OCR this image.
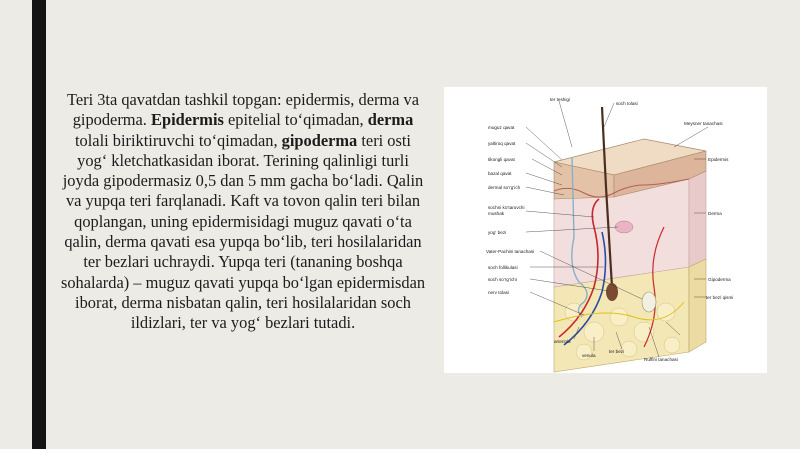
Teri 3ta qavatdan tashkil topgan: epidermis, derma va gipoderma. Epidermis epitelial to‘qimadan, derma tolali biriktiruvchi to‘qimadan, gipoderma teri osti yog‘ kletchatkasidan iborat. Terining qalinligi turli joyda gipodermasiz 0,5 dan 5 mm gacha bo‘ladi. Qalin va yupqa teri farqlanadi. Kaft va tovon qalin teri bilan qoplangan, uning epidermisidagi muguz qavati o‘ta qalin, derma qavati esa yupqa bo‘lib, teri hosilalaridan ter bezlari uchraydi. Yupqa teri (tananing boshqa sohalarda) – muguz qavati yupqa bo‘lgan epidermisdan iborat, derma nisbatan qalin, teri hosilalaridan soch ildizlari, ter va yog‘ bezlari tutadi.
ter teshigi
soch tolasi
muguz qavat
yaltiroq qavat
tikongli qavat
bazal qavat
dermal so‘rg‘ich
sochni ko‘taruvchi
mushak
yog‘ bezi
Vater-Pachini tanachasi
soch follikulasi
soch so‘rg‘ichi
nerv tolasi
arteriola
venula
ter bezi
Ruffini tanachasi
Meysner tanachasi
Epidermis
Derma
Gipoderma
ter bez/ qismi
